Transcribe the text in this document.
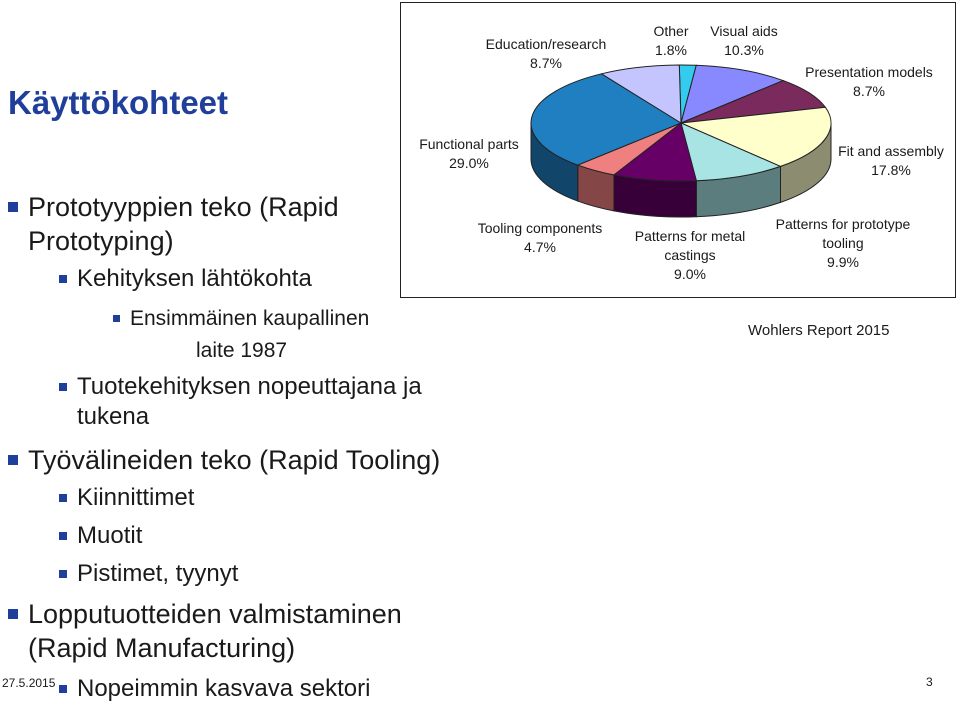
Käyttökohteet
Prototyyppien teko (Rapid
Prototyping)
Kehityksen lähtökohta
Ensimmäinen kaupallinen
laite 1987
Tuotekehityksen nopeuttajana ja
tukena
Työvälineiden teko (Rapid Tooling)
Kiinnittimet
Muotit
Pistimet, tyynyt
Lopputuotteiden valmistaminen
(Rapid Manufacturing)
Nopeimmin kasvava sektori
Other 1.8%
Visual aids 10.3%
Presentation models 8.7%
Fit and assembly 17.8%
Patterns for prototype tooling 9.9%
Patterns for metal castings 9.0%
Tooling components 4.7%
Functional parts 29.0%
Education/research 8.7%
Wohlers Report 2015
27.5.2015	3
